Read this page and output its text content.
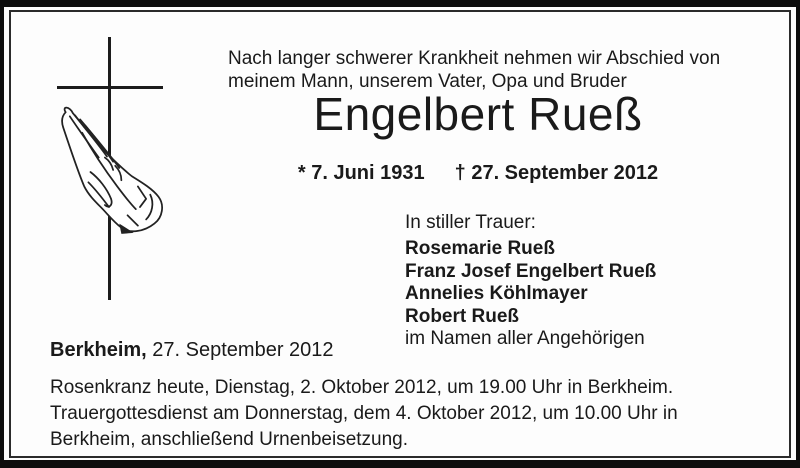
Nach langer schwerer Krankheit nehmen wir Abschied von meinem Mann, unserem Vater, Opa und Bruder

Engelbert Rueß
* 7. Juni 1931 † 27. September 2012
In stiller Trauer:
Rosemarie Rueß
Franz Josef Engelbert Rueß
Annelies Köhlmayer
Robert Rueß
im Namen aller Angehörigen
Berkheim, 27. September 2012

Rosenkranz heute, Dienstag, 2. Oktober 2012, um 19.00 Uhr in Berkheim.

Trauergottesdienst am Donnerstag, dem 4. Oktober 2012, um 10.00 Uhr in Berkheim, anschließend Urnenbeisetzung.
